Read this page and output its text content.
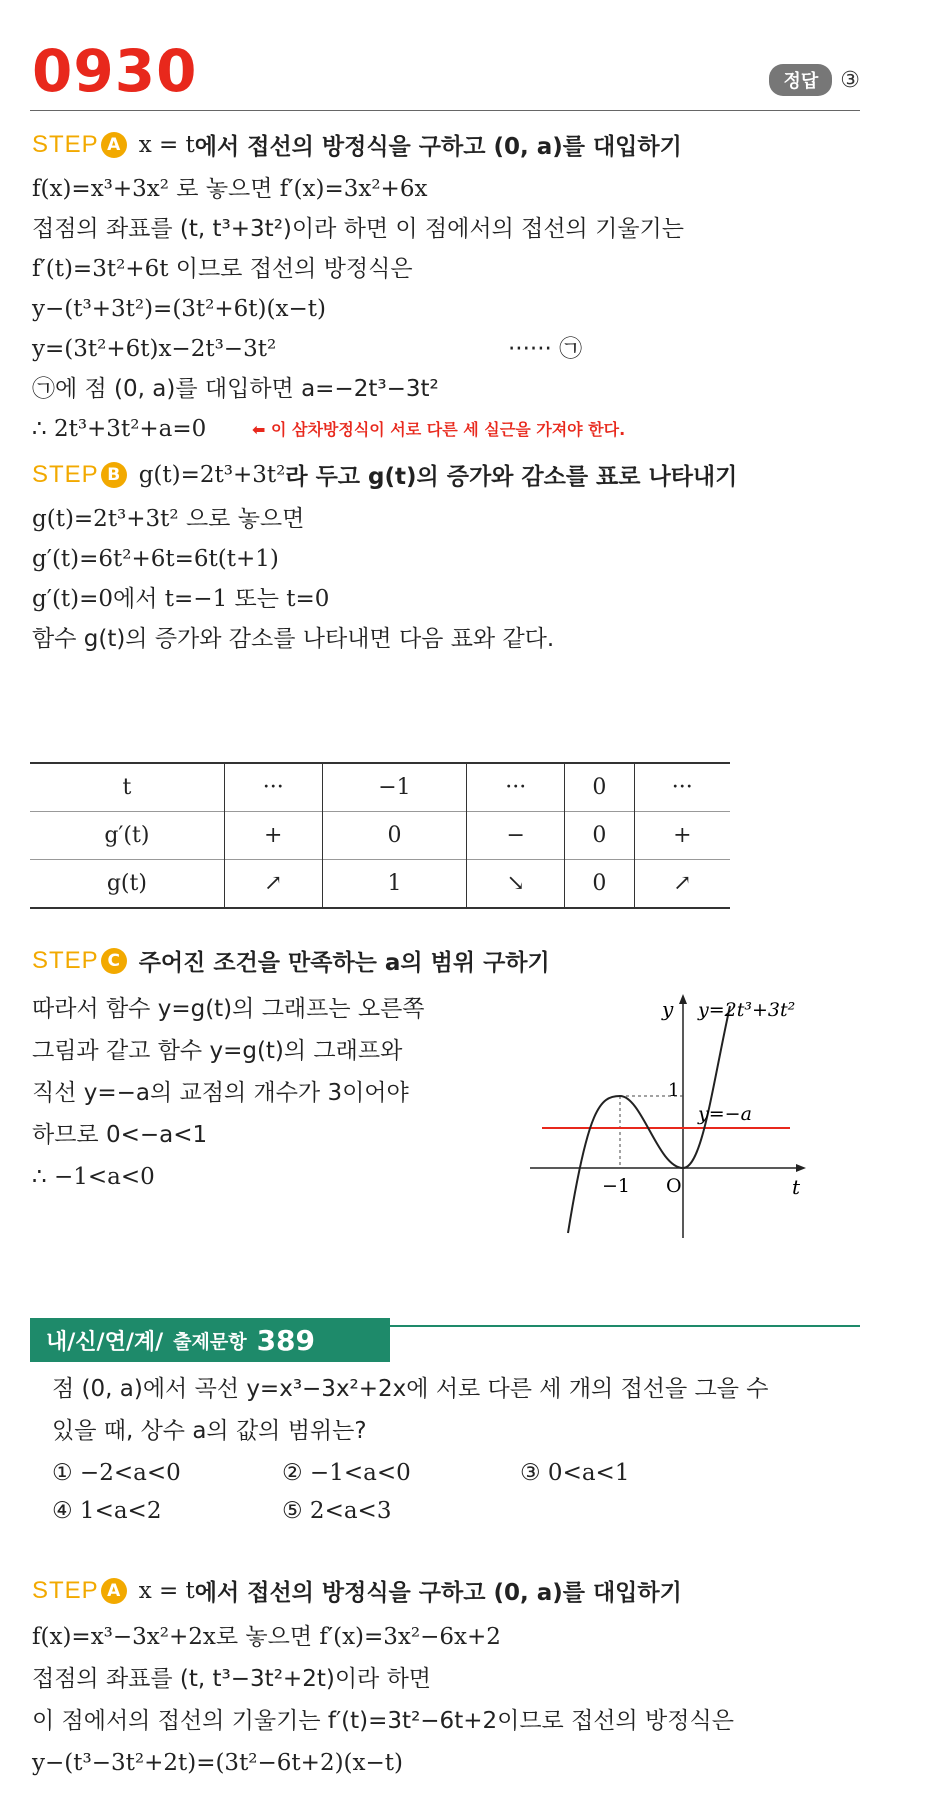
0930	정답	③
STEP A x = t 에서 접선의 방정식을 구하고 (0, a)를 대입하기
f(x)=x³+3x² 로 놓으면 f′(x)=3x²+6x
접점의 좌표를 (t, t³+3t²)이라 하면 이 점에서의 접선의 기울기는
f′(t)=3t²+6t 이므로 접선의 방정식은
y−(t³+3t²)=(3t²+6t)(x−t)
y=(3t²+6t)x−2t³−3t²	······ ㉠
㉠에 점 (0, a)를 대입하면 a=−2t³−3t²
∴ 2t³+3t²+a=0	⬅ 이 삼차방정식이 서로 다른 세 실근을 가져야 한다.
STEP B g(t)=2t³+3t² 라 두고 g(t)의 증가와 감소를 표로 나타내기
g(t)=2t³+3t² 으로 놓으면
g′(t)=6t²+6t=6t(t+1)
g′(t)=0에서 t=−1 또는 t=0
함수 g(t)의 증가와 감소를 나타내면 다음 표와 같다.
t	···	−1	···	0	···
g′(t)	+	0	−	0	+
g(t)	↗	1	↘	0	↗
STEP C 주어진 조건을 만족하는 a의 범위 구하기
따라서 함수 y=g(t)의 그래프는 오른쪽
그림과 같고 함수 y=g(t)의 그래프와
직선 y=−a의 교점의 개수가 3이어야
하므로 0<−a<1
∴ −1<a<0
y y=2t³+3t²
1
y=−a
−1 O	t
내/신/연/계/ 출제문항 389
점 (0, a)에서 곡선 y=x³−3x²+2x에 서로 다른 세 개의 접선을 그을 수
있을 때, 상수 a의 값의 범위는?
① −2<a<0	② −1<a<0	③ 0<a<1
④ 1<a<2	⑤ 2<a<3
STEP A x = t 에서 접선의 방정식을 구하고 (0, a)를 대입하기
f(x)=x³−3x²+2x로 놓으면 f′(x)=3x²−6x+2
접점의 좌표를 (t, t³−3t²+2t)이라 하면
이 점에서의 접선의 기울기는 f′(t)=3t²−6t+2이므로 접선의 방정식은
y−(t³−3t²+2t)=(3t²−6t+2)(x−t)
